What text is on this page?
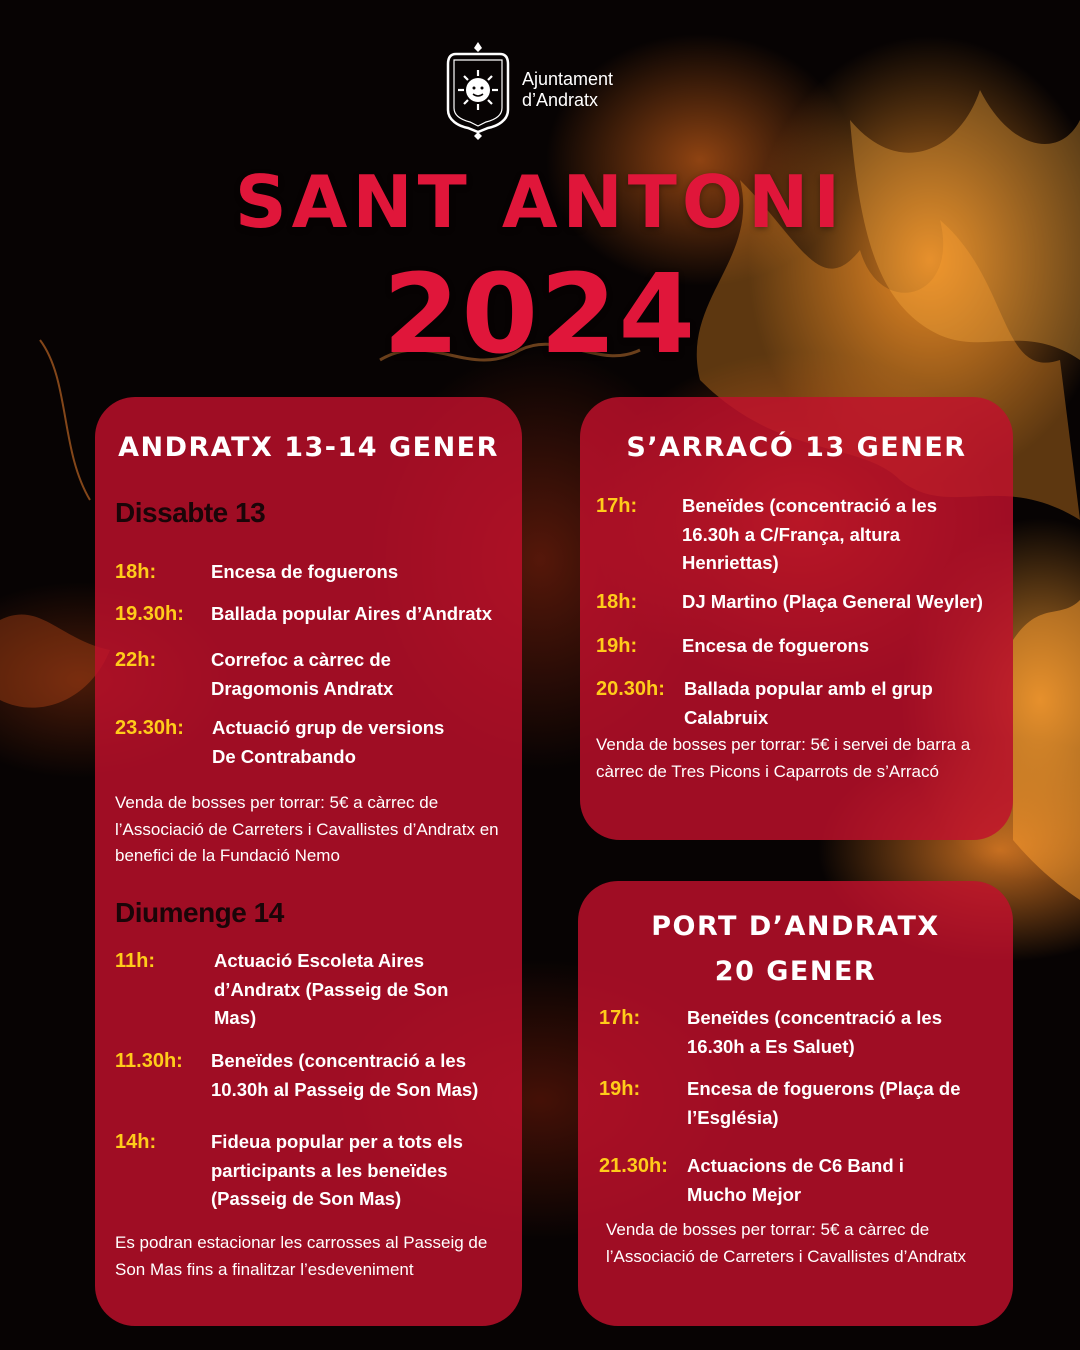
Ajuntament
d’Andratx
SANT ANTONI
2024
ANDRATX 13-14 GENER
Dissabte 13
18h:	Encesa de foguerons
19.30h: Ballada popular Aires d’Andratx
22h:	Correfoc a càrrec de Dragomonis Andratx
23.30h: Actuació grup de versions De Contrabando
Venda de bosses per torrar: 5€ a càrrec de l’Associació de Carreters i Cavallistes d’Andratx en benefici de la Fundació Nemo
Diumenge 14
11h:	Actuació Escoleta Aires d’Andratx (Passeig de Son Mas)
11.30h: Beneïdes (concentració a les 10.30h al Passeig de Son Mas)
14h:	Fideua popular per a tots els participants a les beneïdes (Passeig de Son Mas)
Es podran estacionar les carrosses al Passeig de Son Mas fins a finalitzar l’esdeveniment
S’ARRACÓ 13 GENER
17h: Beneïdes (concentració a les 16.30h a C/França, altura Henriettas)
18h: DJ Martino (Plaça General Weyler)
19h: Encesa de foguerons
20.30h: Ballada popular amb el grup Calabruix
Venda de bosses per torrar: 5€ i servei de barra a càrrec de Tres Picons i Caparrots de s’Arracó
PORT D’ANDRATX
20 GENER
17h:	Beneïdes (concentració a les 16.30h a Es Saluet)
19h:	Encesa de foguerons (Plaça de l’Església)
21.30h: Actuacions de C6 Band i Mucho Mejor
Venda de bosses per torrar: 5€ a càrrec de l’Associació de Carreters i Cavallistes d’Andratx
